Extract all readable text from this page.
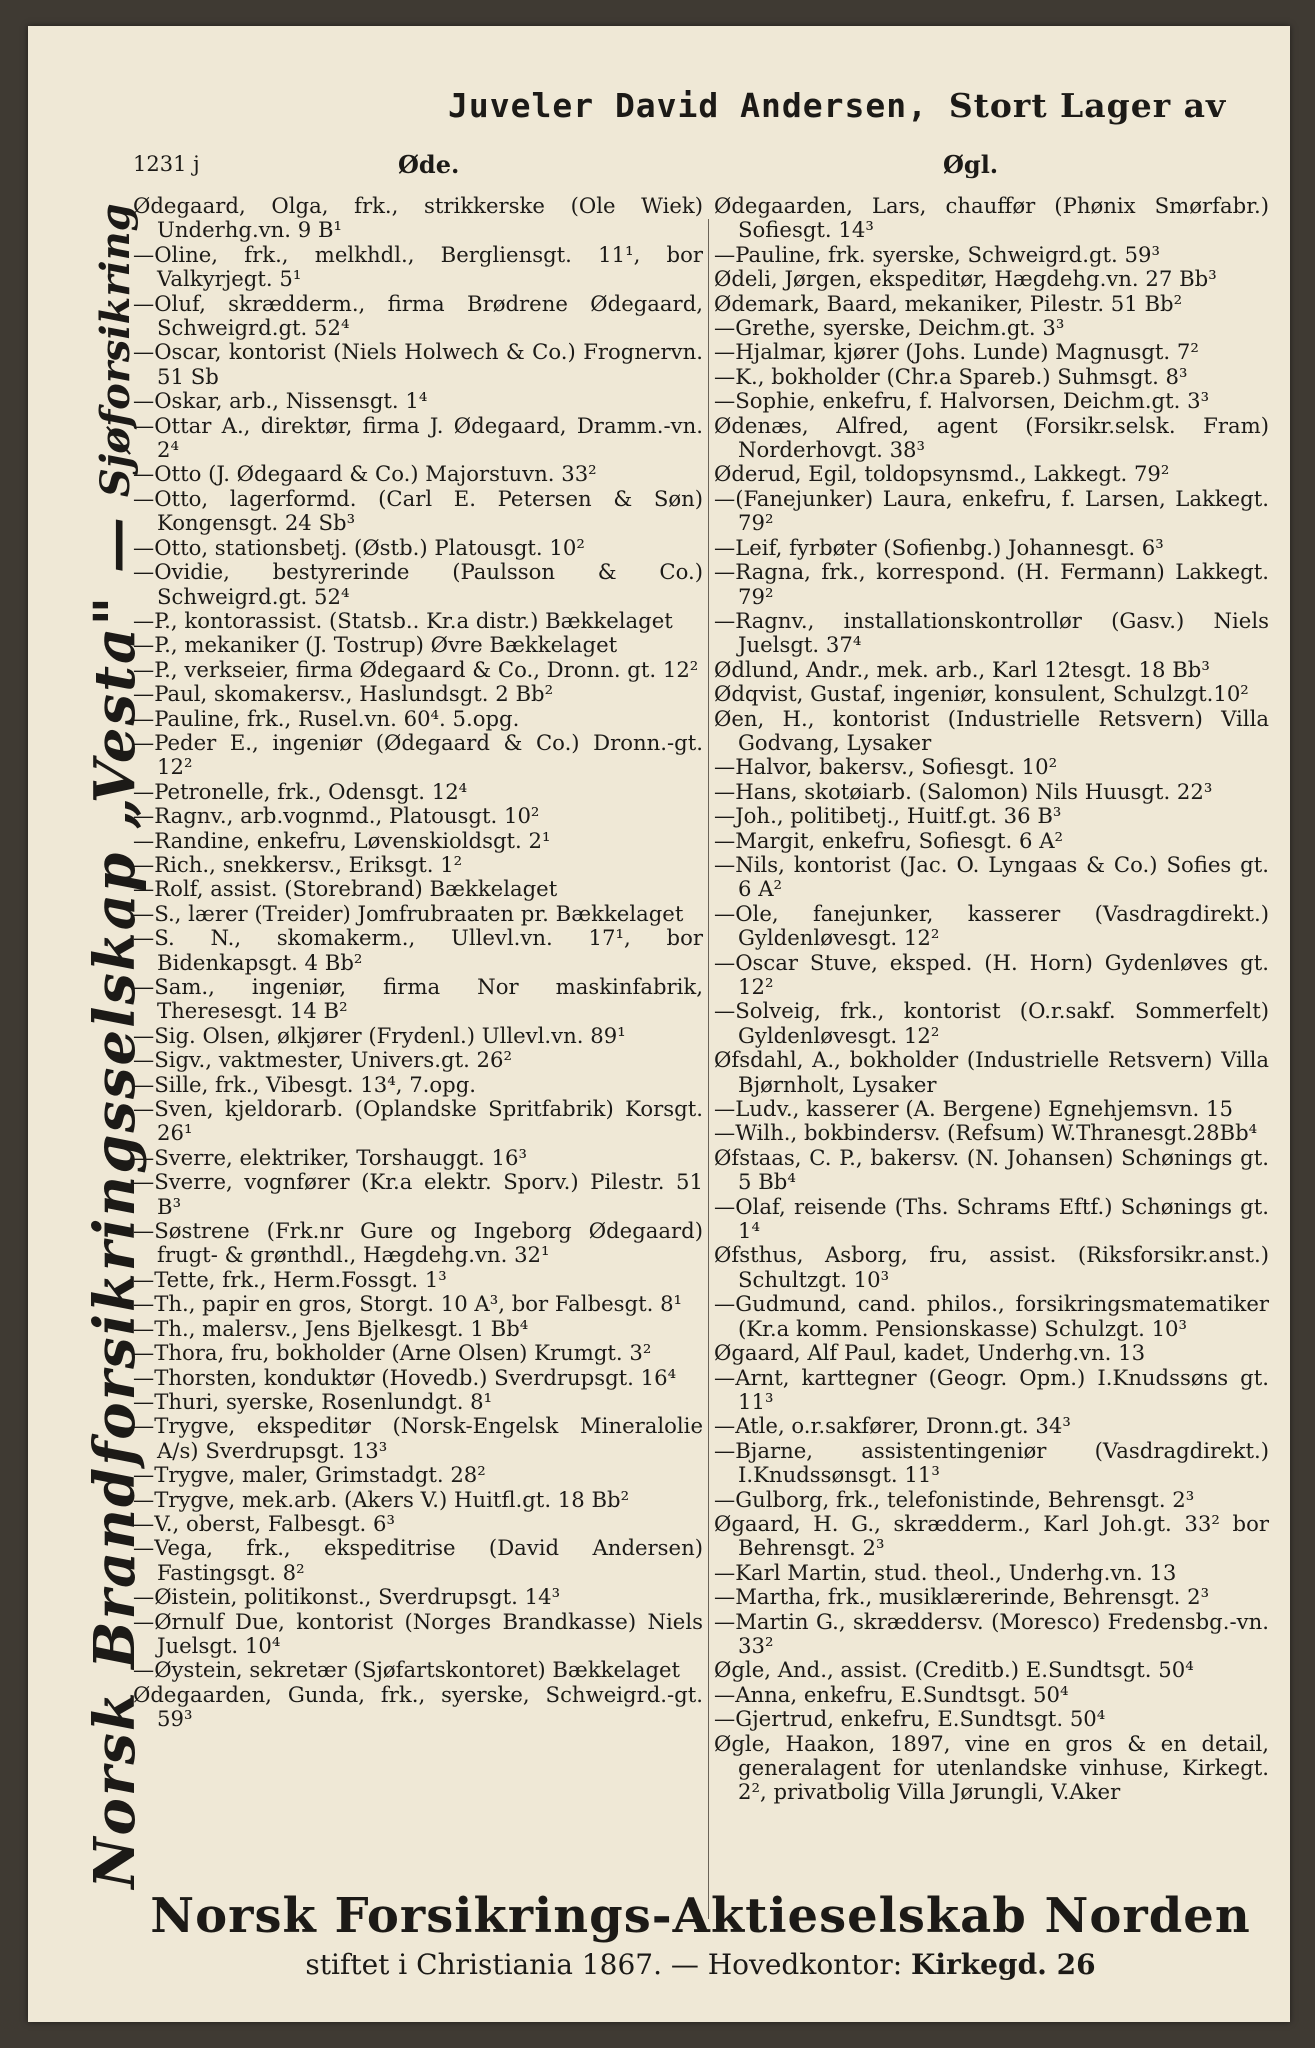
Juveler David Andersen, Stort Lager av
1231 j	Øde.	Øgl.
Norsk Brandforsikringsselskap „Vesta" —
Sjøforsikring

Ødegaard, Olga, frk., strikkerske (Ole Wiek) Underhg.vn. 9 B¹

—Oline, frk., melkhdl., Bergliensgt. 11¹, bor Valkyrjegt. 5¹

—Oluf, skrædderm., firma Brødrene Ødegaard, Schweigrd.gt. 52⁴

—Oscar, kontorist (Niels Holwech & Co.) Frognervn. 51 Sb

—Oskar, arb., Nissensgt. 1⁴

—Ottar A., direktør, firma J. Ødegaard, Dramm.-vn. 2⁴

—Otto (J. Ødegaard & Co.) Majorstuvn. 33²

—Otto, lagerformd. (Carl E. Petersen & Søn) Kongensgt. 24 Sb³

—Otto, stationsbetj. (Østb.) Platousgt. 10²

—Ovidie, bestyrerinde (Paulsson & Co.) Schweigrd.gt. 52⁴

—P., kontorassist. (Statsb.. Kr.a distr.) Bækkelaget

—P., mekaniker (J. Tostrup) Øvre Bækkelaget

—P., verkseier, firma Ødegaard & Co., Dronn. gt. 12²

—Paul, skomakersv., Haslundsgt. 2 Bb²

—Pauline, frk., Rusel.vn. 60⁴. 5.opg.

—Peder E., ingeniør (Ødegaard & Co.) Dronn.-gt. 12²

—Petronelle, frk., Odensgt. 12⁴

—Ragnv., arb.vognmd., Platousgt. 10²

—Randine, enkefru, Løvenskioldsgt. 2¹

—Rich., snekkersv., Eriksgt. 1²

—Rolf, assist. (Storebrand) Bækkelaget

—S., lærer (Treider) Jomfrubraaten pr. Bækkelaget

—S. N., skomakerm., Ullevl.vn. 17¹, bor Bidenkapsgt. 4 Bb²

—Sam., ingeniør, firma Nor maskinfabrik, Theresesgt. 14 B²

—Sig. Olsen, ølkjører (Frydenl.) Ullevl.vn. 89¹

—Sigv., vaktmester, Univers.gt. 26²

—Sille, frk., Vibesgt. 13⁴, 7.opg.

—Sven, kjeldorarb. (Oplandske Spritfabrik) Korsgt. 26¹

—Sverre, elektriker, Torshauggt. 16³

—Sverre, vognfører (Kr.a elektr. Sporv.) Pilestr. 51 B³

—Søstrene (Frk.nr Gure og Ingeborg Ødegaard) frugt- & grønthdl., Hægdehg.vn. 32¹

—Tette, frk., Herm.Fossgt. 1³

—Th., papir en gros, Storgt. 10 A³, bor Falbesgt. 8¹

—Th., malersv., Jens Bjelkesgt. 1 Bb⁴

—Thora, fru, bokholder (Arne Olsen) Krumgt. 3²

—Thorsten, konduktør (Hovedb.) Sverdrupsgt. 16⁴

—Thuri, syerske, Rosenlundgt. 8¹

—Trygve, ekspeditør (Norsk-Engelsk Mineralolie A/s) Sverdrupsgt. 13³

—Trygve, maler, Grimstadgt. 28²

—Trygve, mek.arb. (Akers V.) Huitfl.gt. 18 Bb²

—V., oberst, Falbesgt. 6³

—Vega, frk., ekspeditrise (David Andersen) Fastingsgt. 8²

—Øistein, politikonst., Sverdrupsgt. 14³

—Ørnulf Due, kontorist (Norges Brandkasse) Niels Juelsgt. 10⁴

—Øystein, sekretær (Sjøfartskontoret) Bækkelaget

Ødegaarden, Gunda, frk., syerske, Schweigrd.-gt. 59³

Ødegaarden, Lars, chauffør (Phønix Smørfabr.) Sofiesgt. 14³

—Pauline, frk. syerske, Schweigrd.gt. 59³

Ødeli, Jørgen, ekspeditør, Hægdehg.vn. 27 Bb³

Ødemark, Baard, mekaniker, Pilestr. 51 Bb²

—Grethe, syerske, Deichm.gt. 3³

—Hjalmar, kjører (Johs. Lunde) Magnusgt. 7²

—K., bokholder (Chr.a Spareb.) Suhmsgt. 8³

—Sophie, enkefru, f. Halvorsen, Deichm.gt. 3³

Ødenæs, Alfred, agent (Forsikr.selsk. Fram) Norderhovgt. 38³

Øderud, Egil, toldopsynsmd., Lakkegt. 79²

—(Fanejunker) Laura, enkefru, f. Larsen, Lakkegt. 79²

—Leif, fyrbøter (Sofienbg.) Johannesgt. 6³

—Ragna, frk., korrespond. (H. Fermann) Lakkegt. 79²

—Ragnv., installationskontrollør (Gasv.) Niels Juelsgt. 37⁴

Ødlund, Andr., mek. arb., Karl 12tesgt. 18 Bb³

Ødqvist, Gustaf, ingeniør, konsulent, Schulzgt.10²

Øen, H., kontorist (Industrielle Retsvern) Villa Godvang, Lysaker

—Halvor, bakersv., Sofiesgt. 10²

—Hans, skotøiarb. (Salomon) Nils Huusgt. 22³

—Joh., politibetj., Huitf.gt. 36 B³

—Margit, enkefru, Sofiesgt. 6 A²

—Nils, kontorist (Jac. O. Lyngaas & Co.) Sofies gt. 6 A²

—Ole, fanejunker, kasserer (Vasdragdirekt.) Gyldenløvesgt. 12²

—Oscar Stuve, eksped. (H. Horn) Gydenløves gt. 12²

—Solveig, frk., kontorist (O.r.sakf. Sommerfelt) Gyldenløvesgt. 12²

Øfsdahl, A., bokholder (Industrielle Retsvern) Villa Bjørnholt, Lysaker

—Ludv., kasserer (A. Bergene) Egnehjemsvn. 15

—Wilh., bokbindersv. (Refsum) W.Thranesgt.28Bb⁴

Øfstaas, C. P., bakersv. (N. Johansen) Schønings gt. 5 Bb⁴

—Olaf, reisende (Ths. Schrams Eftf.) Schønings gt. 1⁴

Øfsthus, Asborg, fru, assist. (Riksforsikr.anst.) Schultzgt. 10³

—Gudmund, cand. philos., forsikringsmatematiker (Kr.a komm. Pensionskasse) Schulzgt. 10³

Øgaard, Alf Paul, kadet, Underhg.vn. 13

—Arnt, karttegner (Geogr. Opm.) I.Knudssøns gt. 11³

—Atle, o.r.sakfører, Dronn.gt. 34³

—Bjarne, assistentingeniør (Vasdragdirekt.) I.Knudssønsgt. 11³

—Gulborg, frk., telefonistinde, Behrensgt. 2³

Øgaard, H. G., skrædderm., Karl Joh.gt. 33² bor Behrensgt. 2³

—Karl Martin, stud. theol., Underhg.vn. 13

—Martha, frk., musiklærerinde, Behrensgt. 2³

—Martin G., skræddersv. (Moresco) Fredensbg.-vn. 33²

Øgle, And., assist. (Creditb.) E.Sundtsgt. 50⁴

—Anna, enkefru, E.Sundtsgt. 50⁴

—Gjertrud, enkefru, E.Sundtsgt. 50⁴

Øgle, Haakon, 1897, vine en gros & en detail, generalagent for utenlandske vinhuse, Kirkegt. 2², privatbolig Villa Jørungli, V.Aker

Norsk Forsikrings-Aktieselskab Norden
stiftet i Christiania 1867. — Hovedkontor: Kirkegd. 26
